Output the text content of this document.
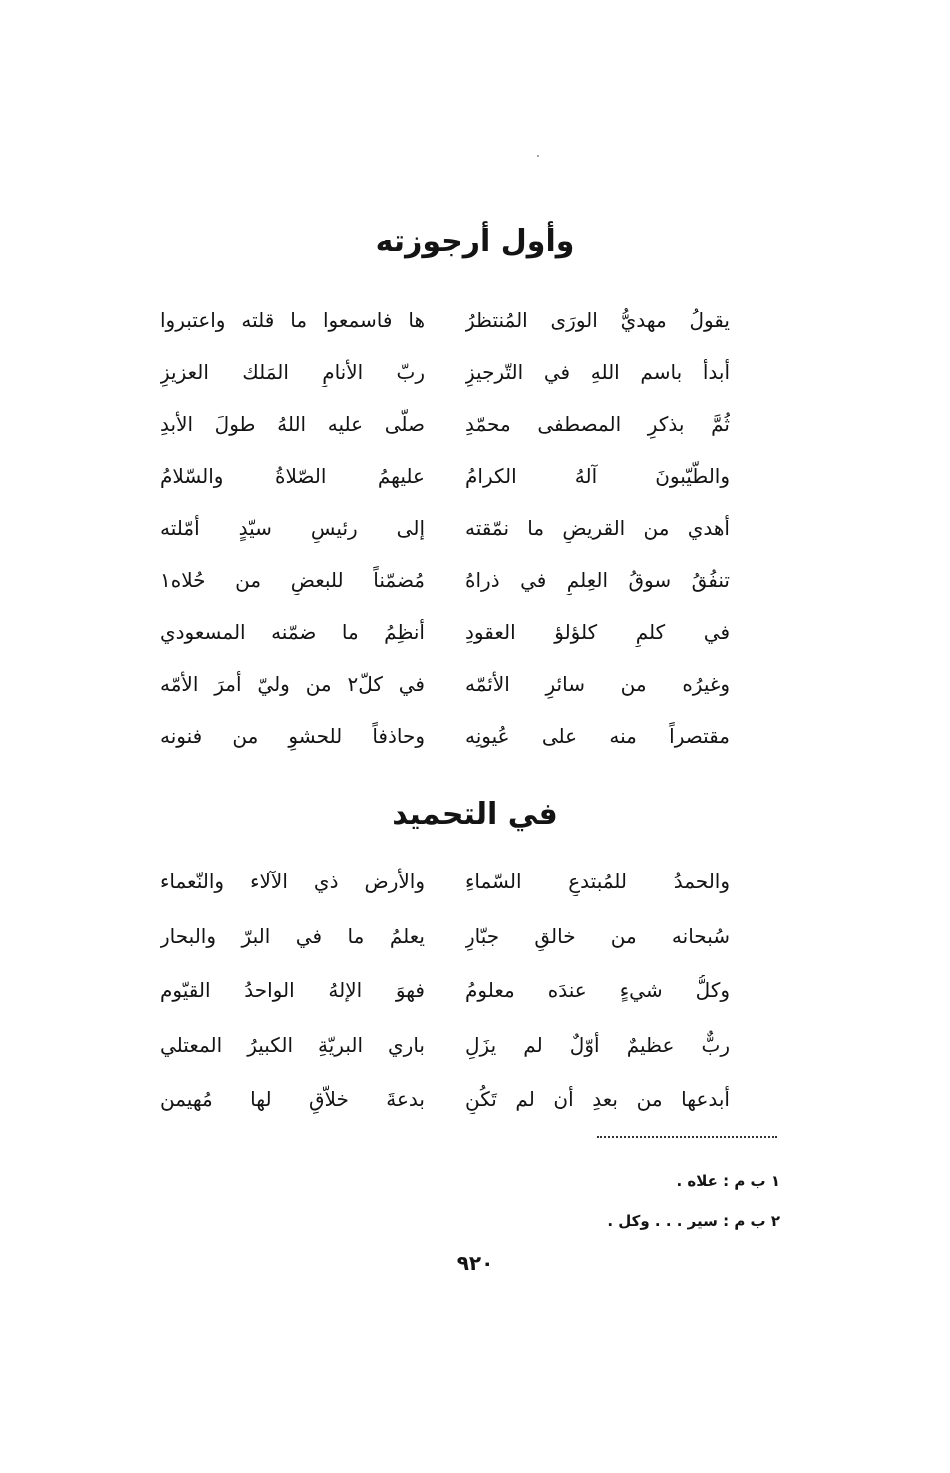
وأول أرجوزته
يقولُ مهديُّ الورَى المُنتظرُ
ها فاسمعوا ما قلته واعتبروا
أبدأ باسم اللهِ في التّرجيزِ
ربّ الأنامِ المَلك العزيزِ
ثُمَّ بذكرِ المصطفى محمّدِ
صلّى عليه اللهُ طولَ الأبدِ
والطّيّبونَ آلهُ الكرامُ
عليهمُ الصّلاةُ والسّلامُ
أهدي من القريضِ ما نمّقته
إلى رئيسٍ سيّدٍ أمّلته
تنفُقُ سوقُ العِلمِ في ذراهُ
مُضمّناً للبعضِ من حُلاه١
في كلمٍ كلؤلؤ العقودِ
أنظِمُ ما ضمّنه المسعودي
وغيرُه من سائرِ الأئمّه
في كلّ٢ من وليّ أمرَ الأمّه
مقتصراً منه على عُيونِه
وحاذفاً للحشوِ من فنونه
في التحميد
والحمدُ للمُبتدعِ السّماءِ
والأرض ذي الآلاء والنّعماء
سُبحانه من خالقٍ جبّارِ
يعلمُ ما في البرّ والبحار
وكلُّ شيءٍ عندَه معلومُ
فهوَ الإلهُ الواحدُ القيّوم
ربٌّ عظيمٌ أوّلٌ لم يزَلِ
باري البريّةِ الكبيرُ المعتلي
أبدعها من بعدِ أن لم تَكُنِ
بدعةَ خلاّقٍ لها مُهيمن
١ ب م : علاه .
٢ ب م : سير . . . وكل .
٩٢٠
